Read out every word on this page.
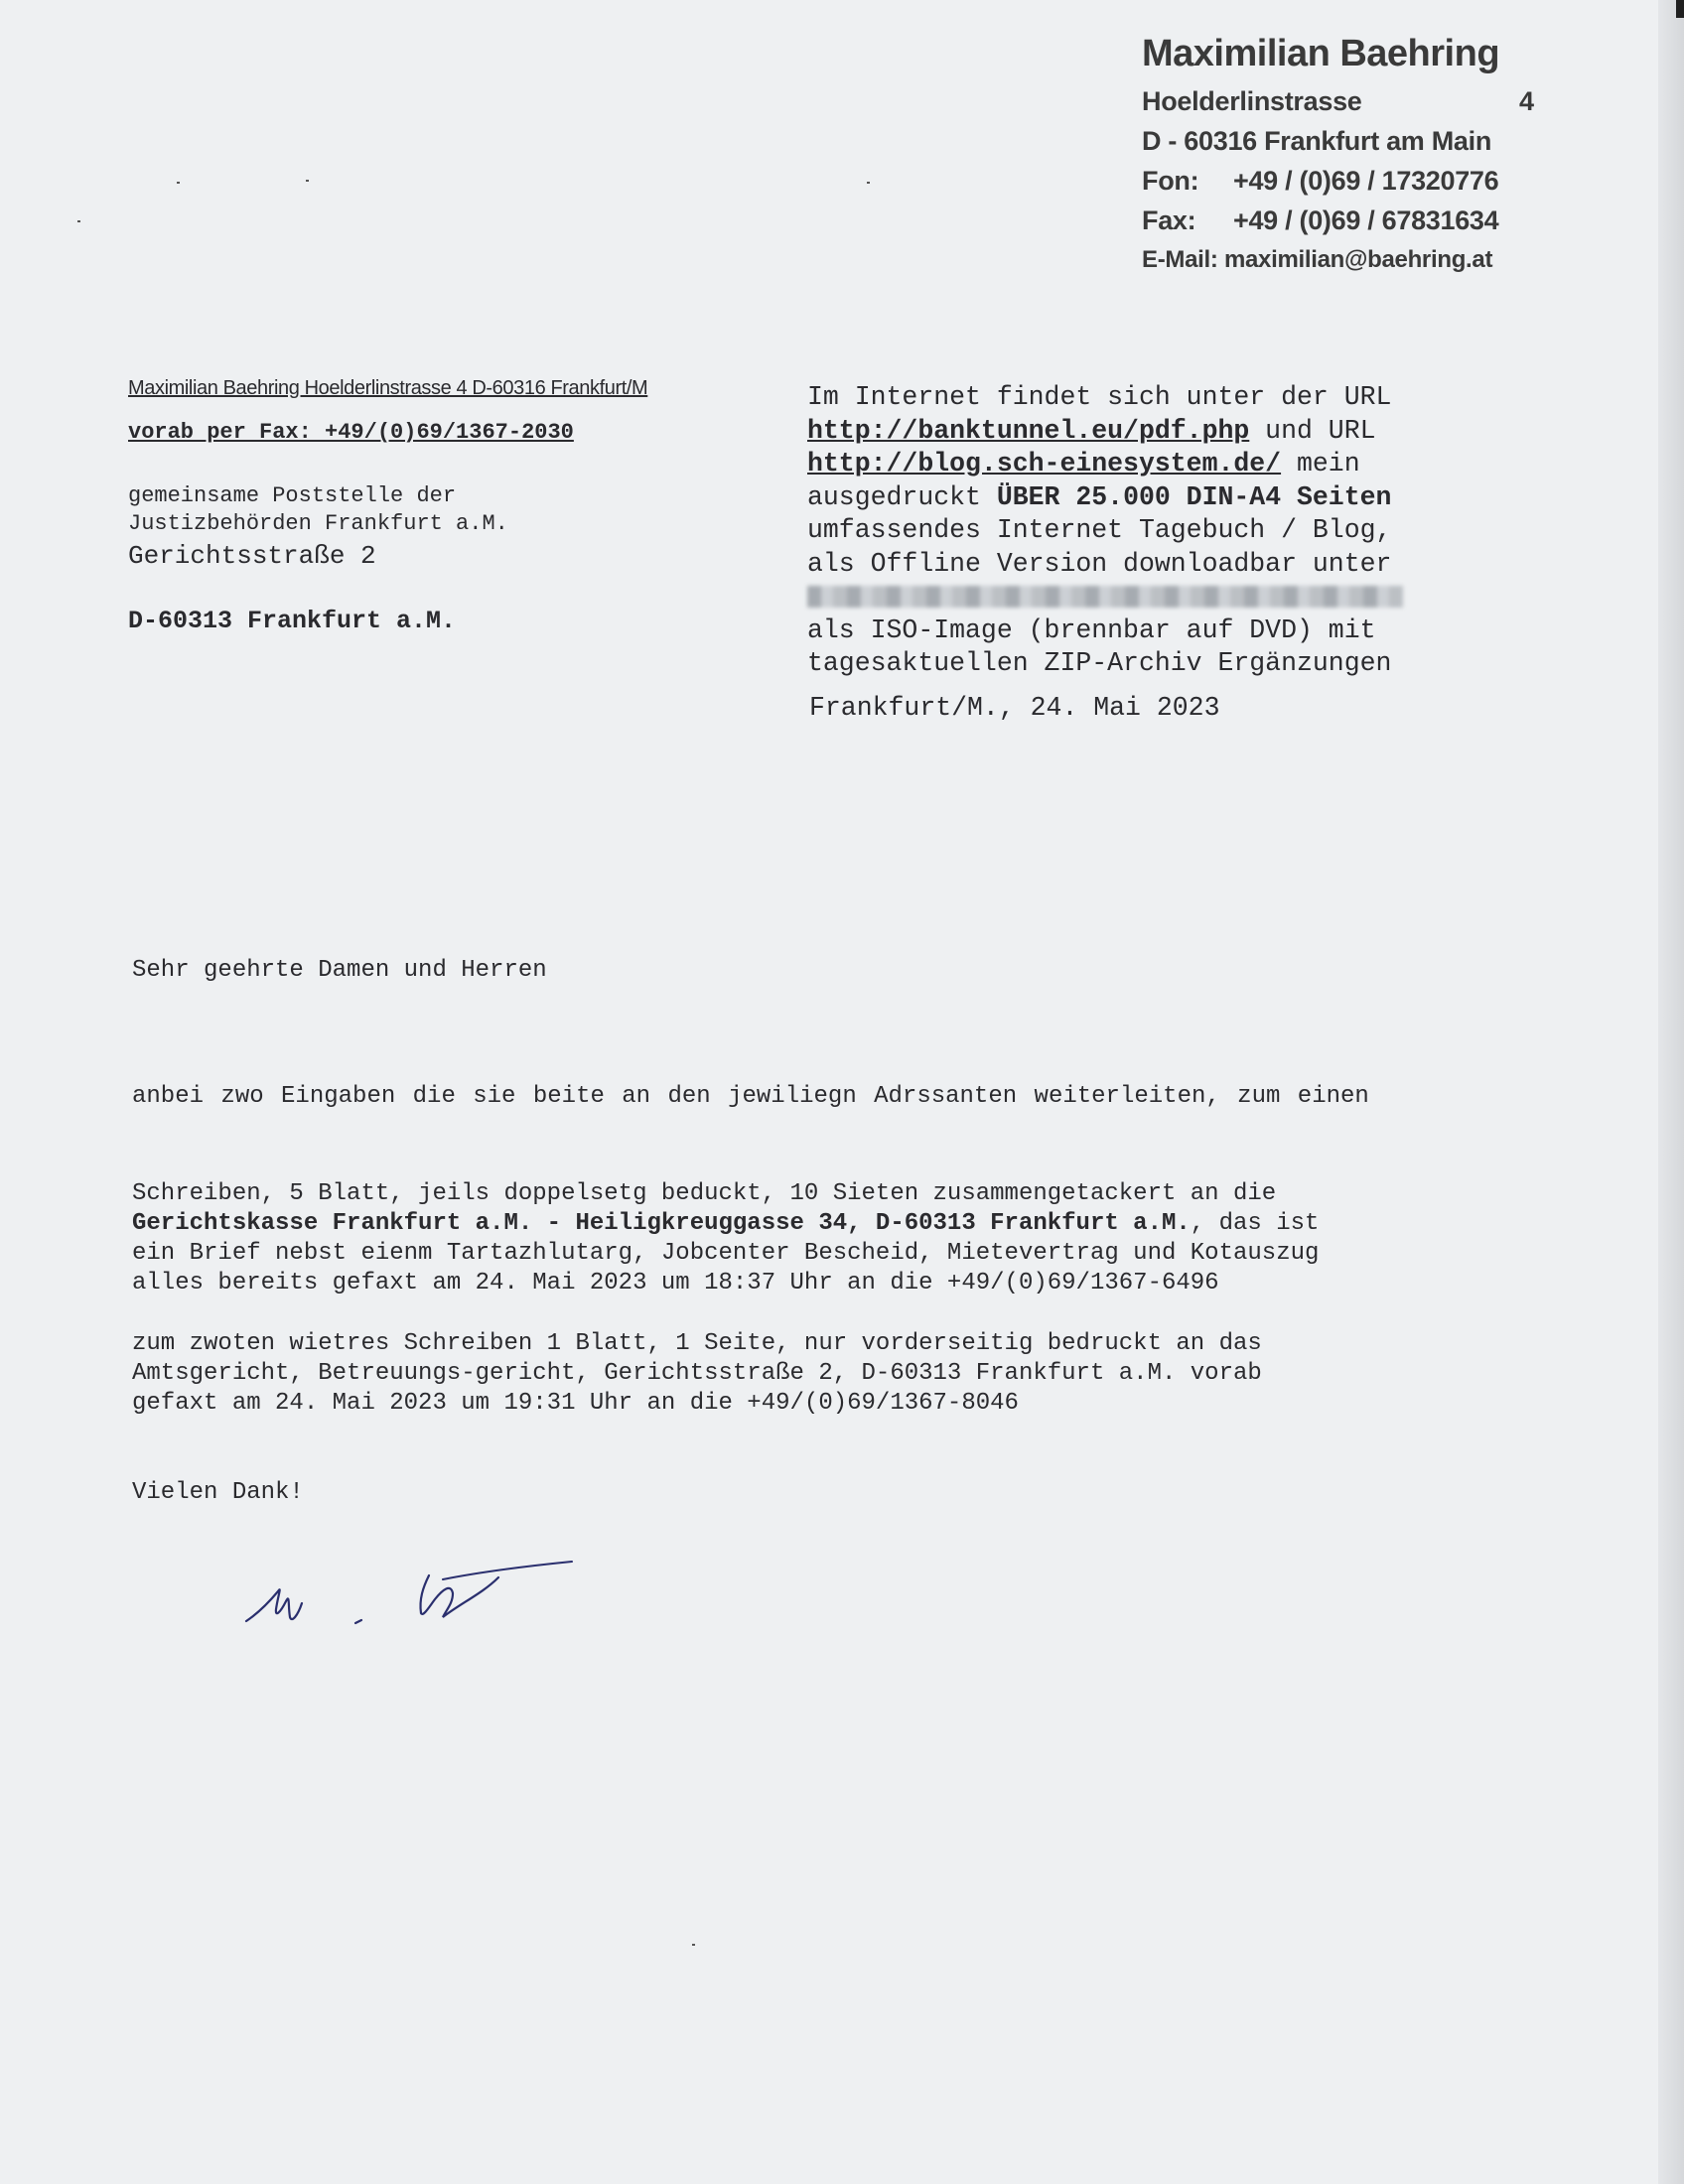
Maximilian Baehring
Hoelderlinstrasse	4
D - 60316 Frankfurt am Main
Fon: +49 / (0)69 / 17320776
Fax: +49 / (0)69 / 67831634
E-Mail: maximilian@baehring.at
Maximilian Baehring Hoelderlinstrasse 4 D-60316 Frankfurt/M
vorab per Fax: +49/(0)69/1367-2030
gemeinsame Poststelle der
Justizbehörden Frankfurt a.M.
Gerichtsstraße 2
D-60313 Frankfurt a.M.
Im Internet findet sich unter der URL
http://banktunnel.eu/pdf.php und URL
http://blog.sch-einesystem.de/ mein
ausgedruckt ÜBER 25.000 DIN-A4 Seiten
umfassendes Internet Tagebuch / Blog,
als Offline Version downloadbar unter
als ISO-Image (brennbar auf DVD) mit
tagesaktuellen ZIP-Archiv Ergänzungen
Frankfurt/M., 24. Mai 2023
Sehr geehrte Damen und Herren
anbei zwo Eingaben die sie beite an den jewiliegn Adrssanten weiterleiten, zum einen
Schreiben, 5 Blatt, jeils doppelsetg beduckt, 10 Sieten zusammengetackert an die
Gerichtskasse Frankfurt a.M. - Heiligkreuggasse 34, D-60313 Frankfurt a.M., das ist
ein Brief nebst eienm Tartazhlutarg, Jobcenter Bescheid, Mietevertrag und Kotauszug
alles bereits gefaxt am 24. Mai 2023 um 18:37 Uhr an die +49/(0)69/1367-6496
zum zwoten wietres Schreiben 1 Blatt, 1 Seite, nur vorderseitig bedruckt an das
Amtsgericht, Betreuungs-gericht, Gerichtsstraße 2, D-60313 Frankfurt a.M. vorab
gefaxt am 24. Mai 2023 um 19:31 Uhr an die +49/(0)69/1367-8046
Vielen Dank!
